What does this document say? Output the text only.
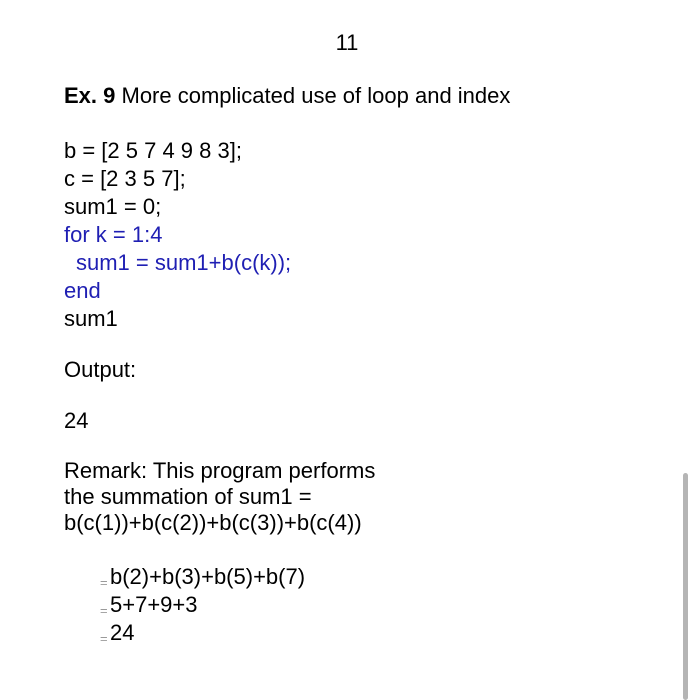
11
Ex. 9 More complicated use of loop and index
b = [2 5 7 4 9 8 3];
c = [2 3 5 7];
sum1 = 0;
for k = 1:4
sum1 = sum1+b(c(k));
end
sum1
Output:
24
Remark: This program performs
the summation of sum1 =
b(c(1))+b(c(2))+b(c(3))+b(c(4))
= b(2)+b(3)+b(5)+b(7)
= 5+7+9+3
= 24
